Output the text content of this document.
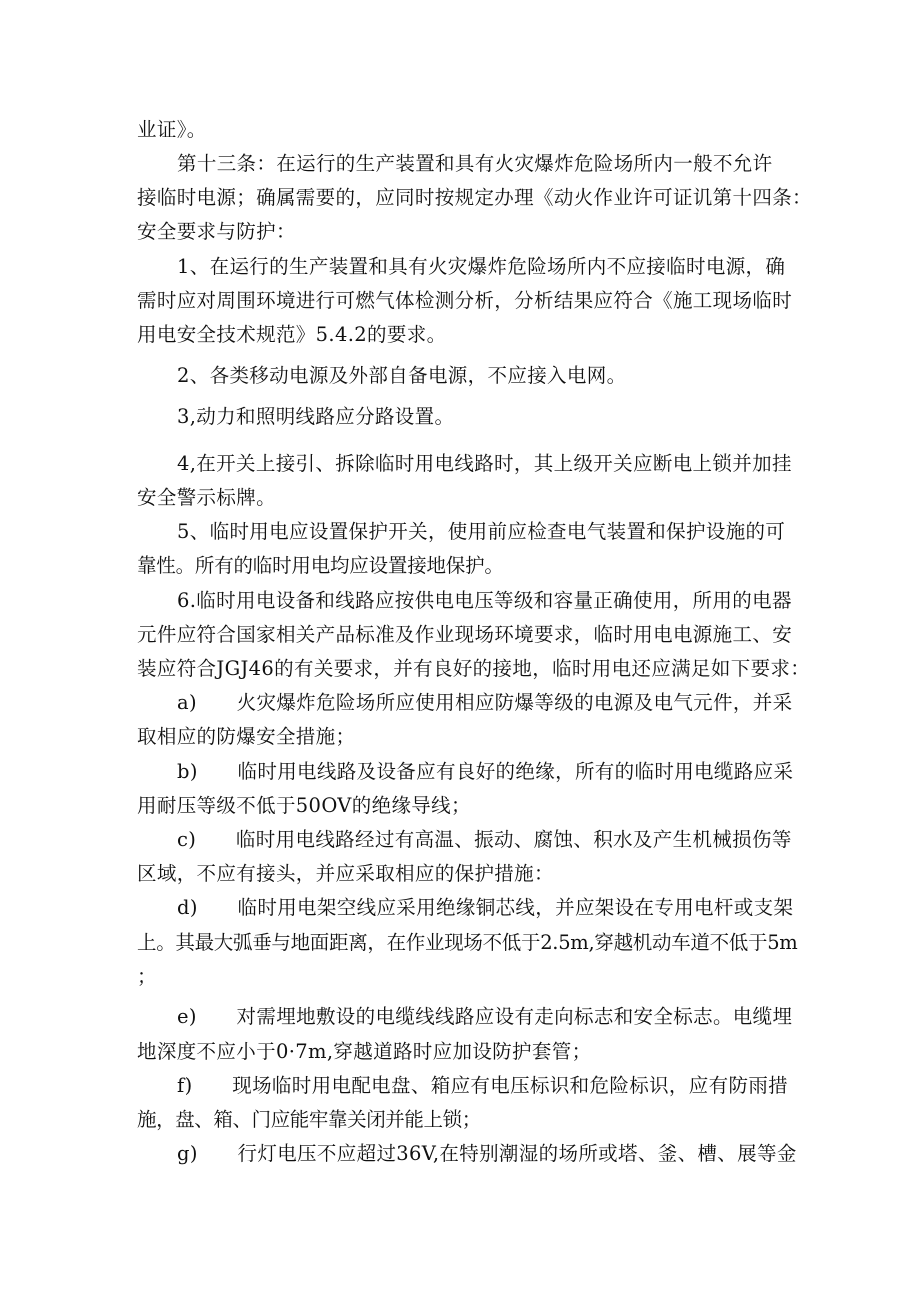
业证》。
第十三条：在运行的生产装置和具有火灾爆炸危险场所内一般不允许
接临时电源；确属需要的，应同时按规定办理《动火作业许可证讥第十四条：
安全要求与防护：
1、在运行的生产装置和具有火灾爆炸危险场所内不应接临时电源，确
需时应对周围环境进行可燃气体检测分析，分析结果应符合《施工现场临时
用电安全技术规范》5.4.2的要求。
2、各类移动电源及外部自备电源，不应接入电网。
3,动力和照明线路应分路设置。
4,在开关上接引、拆除临时用电线路时，其上级开关应断电上锁并加挂
安全警示标牌。
5、临时用电应设置保护开关，使用前应检查电气装置和保护设施的可
靠性。所有的临时用电均应设置接地保护。
6.临时用电设备和线路应按供电电压等级和容量正确使用，所用的电器
元件应符合国家相关产品标准及作业现场环境要求，临时用电电源施工、安
装应符合JGJ46的有关要求，并有良好的接地，临时用电还应满足如下要求：
a)　　火灾爆炸危险场所应使用相应防爆等级的电源及电气元件，并采
取相应的防爆安全措施；
b)　　临时用电线路及设备应有良好的绝缘，所有的临时用电缆路应采
用耐压等级不低于50OV的绝缘导线；
c)　　临时用电线路经过有高温、振动、腐蚀、积水及产生机械损伤等
区域，不应有接头，并应采取相应的保护措施：
d)　　临时用电架空线应采用绝缘铜芯线，并应架设在专用电杆或支架
上。其最大弧垂与地面距离，在作业现场不低于2.5m,穿越机动车道不低于5m
；
e)　　对需埋地敷设的电缆线线路应设有走向标志和安全标志。电缆埋
地深度不应小于0·7m,穿越道路时应加设防护套管；
f)　　现场临时用电配电盘、箱应有电压标识和危险标识，应有防雨措
施，盘、箱、门应能牢靠关闭并能上锁；
g)　　行灯电压不应超过36V,在特别潮湿的场所或塔、釜、槽、展等金
